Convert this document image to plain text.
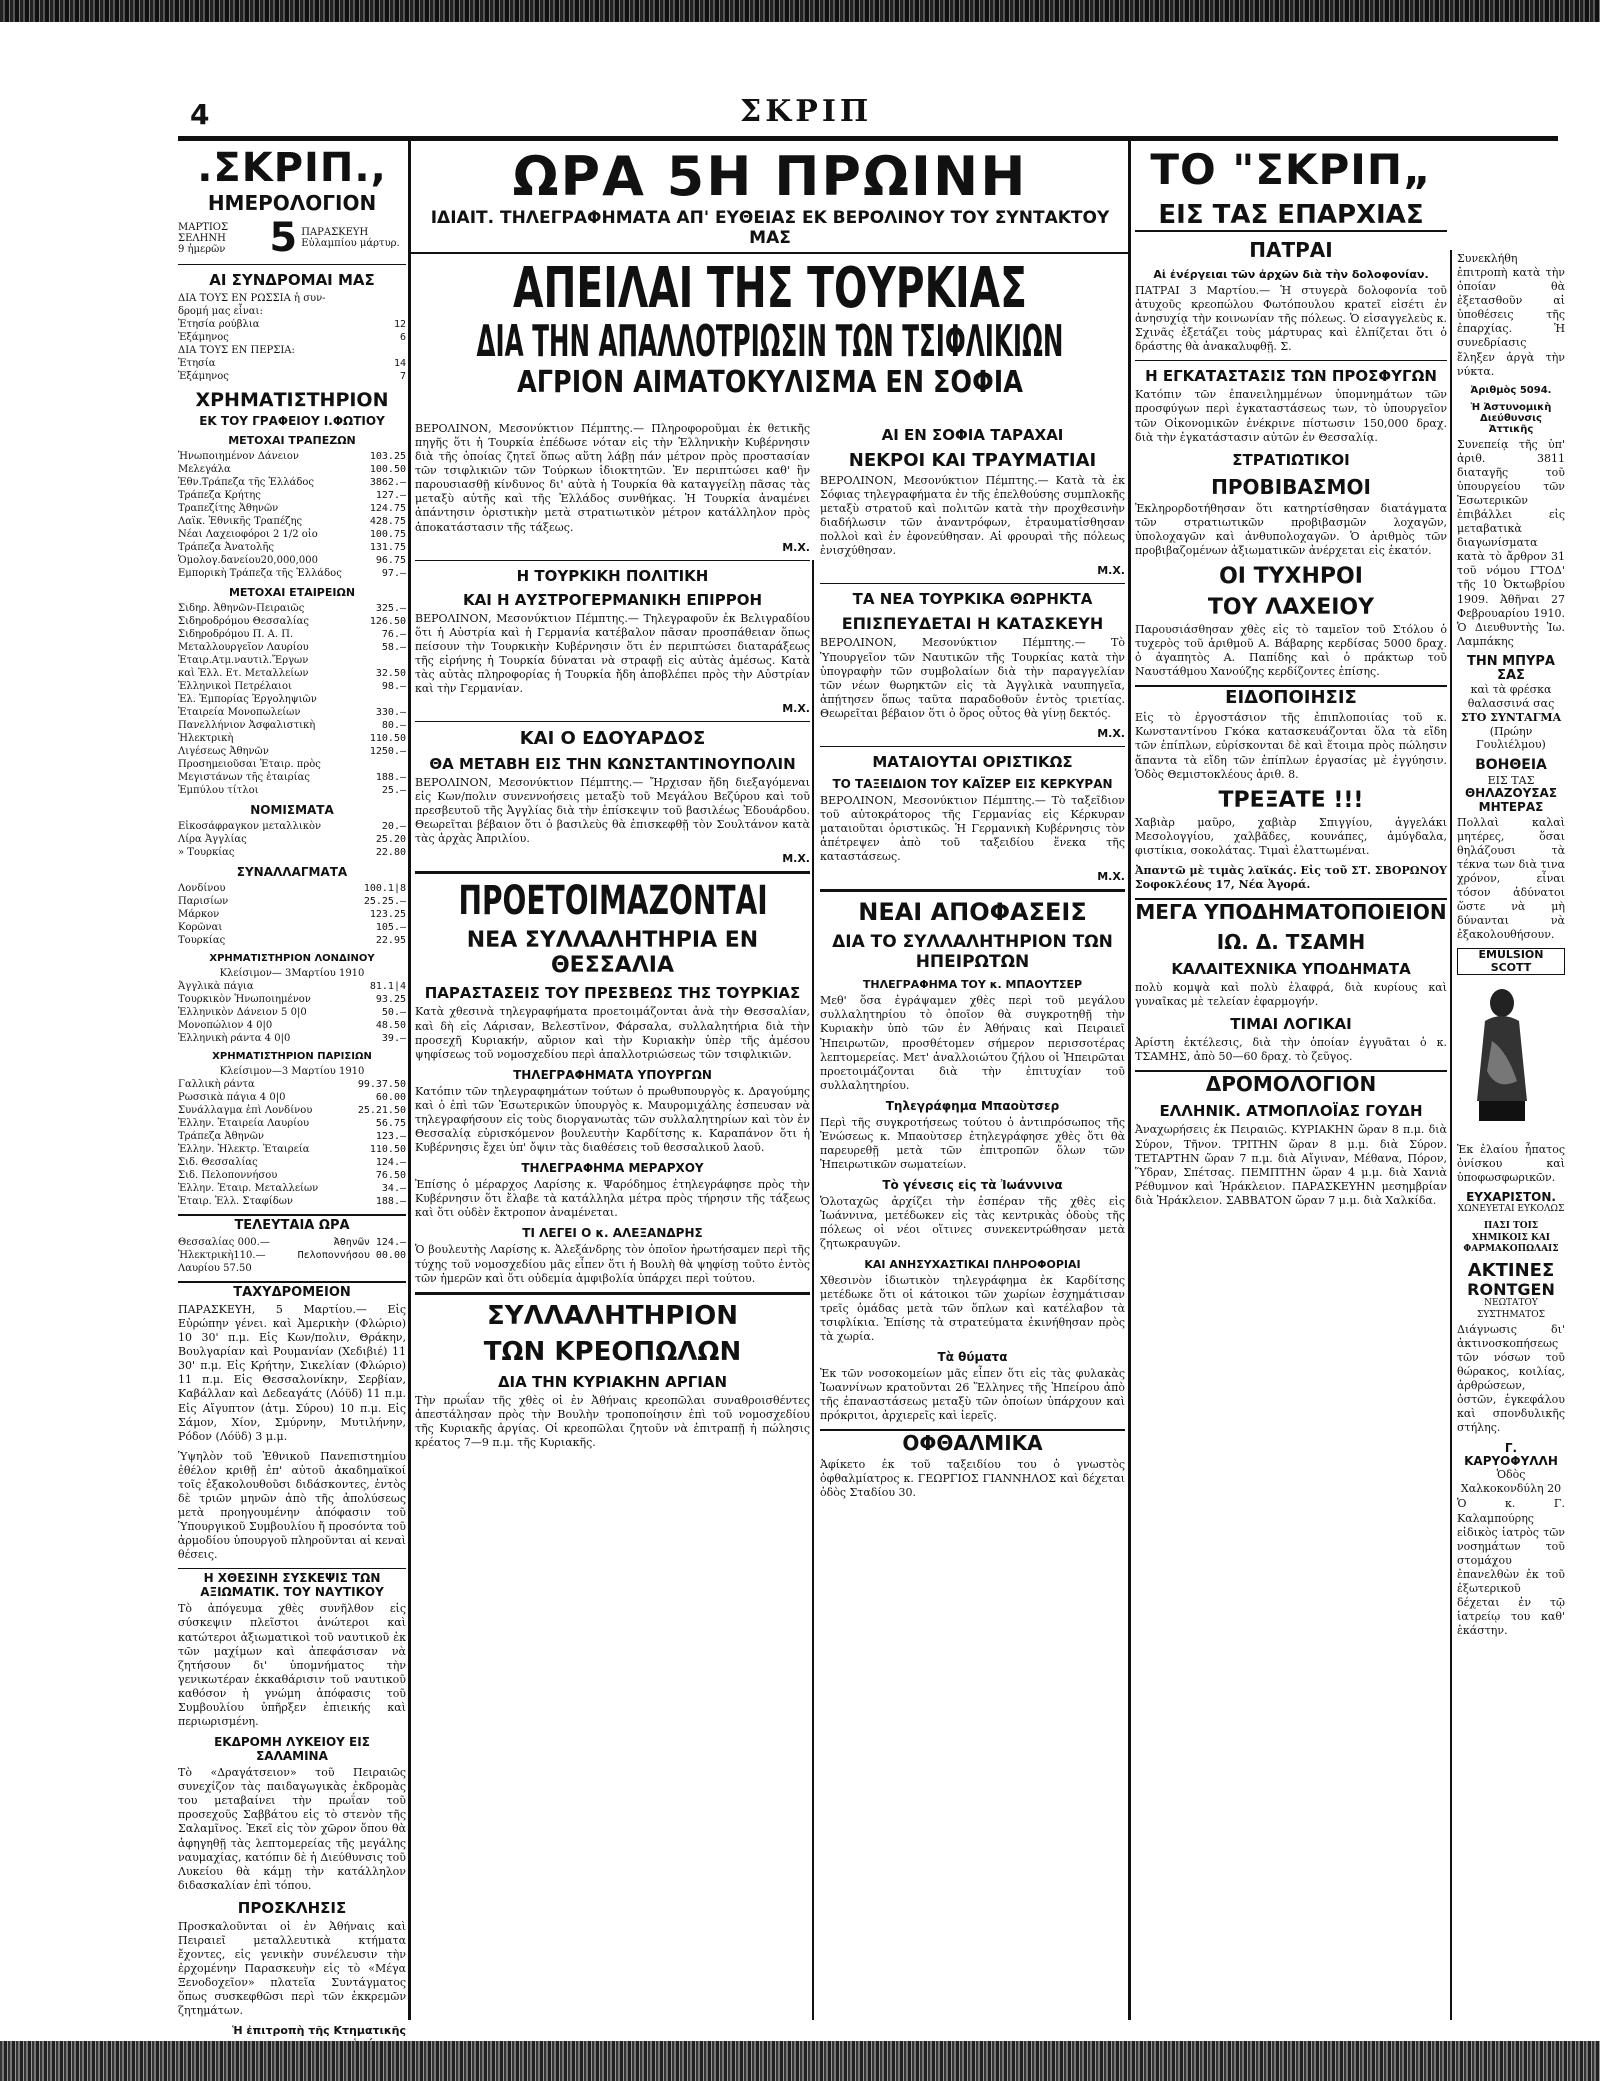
4	ΣΚΡΙΠ
.ΣΚΡΙΠ.,
ΗΜΕΡΟΛΟΓΙΟΝ
ΜΑΡΤΙΟΣ
ΣΕΛΗΝΗ
9 ἡμερῶν	5 ΠΑΡΑΣΚΕΥΗ
Εὐλαμπίου μάρτυρ.
ΑΙ ΣΥΝΔΡΟΜΑΙ ΜΑΣ
ΔΙΑ ΤΟΥΣ ΕΝ ΡΩΣΣΙΑ ἡ συν-
δρομή μας εἶναι:
Ἐτησία ρούβλια	12
Ἑξάμηνος	6
ΔΙΑ ΤΟΥΣ ΕΝ ΠΕΡΣΙΑ:
Ἐτησία	14
Ἑξάμηνος	7
ΧΡΗΜΑΤΙΣΤΗΡΙΟΝ
ΕΚ ΤΟΥ ΓΡΑΦΕΙΟΥ Ι.ΦΩΤΙΟΥ
ΜΕΤΟΧΑΙ ΤΡΑΠΕΖΩΝ
Ἡνωποιημένον Δάνειον	103.25
Μελεγάλα	100.50
Ἐθν.Τράπεζα τῆς Ἑλλάδος	3862.—
Τράπεζα Κρήτης	127.—
Τραπεζίτης Ἀθηνῶν	124.75
Λαϊκ. Ἐθνικῆς Τραπέζης	428.75
Νέαι Λαχειοφόροι 2 1/2 οἰο	100.75
Τράπεζα Ἀνατολῆς	131.75
Ὁμολογ.δανείου20,000,000	96.75
Εμπορικὴ Τράπεζα τῆς Ἑλλάδος	97.—
ΜΕΤΟΧΑΙ ΕΤΑΙΡΕΙΩΝ
Σιδηρ. Ἀθηνῶν-Πειραιῶς	325.—
Σιδηροδρόμου Θεσσαλίας	126.50
Σιδηροδρόμου Π. Α. Π.	76.—
Μεταλλουργεῖον Λαυρίου	58.—
Ἐταιρ.Ατμ.ναυτιλ.Ἔργων
καὶ Ἑλλ. Ετ. Μεταλλείων	32.50
Ἑλληνικοὶ Πετρέλαιοι	98.—
Ἑλ. Ἐμπορίας Ἐργοληψιῶν
Ἐταιρεία Μονοπωλείων	330.—
Πανελλήνιον Ἀσφαλιστικὴ	80.—
Ἠλεκτρικὴ	110.50
Λιγέσεως Ἀθηνῶν	1250.—
Προσημειοῦσαι Ἐταιρ. πρὸς
Μεγιστάνων τῆς ἐταιρίας	188.—
Ἐμπύλου τίτλοι	25.—
ΝΟΜΙΣΜΑΤΑ
Εἰκοσάφραγκον μεταλλικὸν	20.—
Λίρα Ἀγγλίας	25.20
» Τουρκίας	22.80
ΣΥΝΑΛΛΑΓΜΑΤΑ
Λονδίνου	100.1|8
Παρισίων	25.25.—
Μάρκον	123.25
Κορῶναι	105.—
Τουρκίας	22.95
ΧΡΗΜΑΤΙΣΤΗΡΙΟΝ ΛΟΝΔΙΝΟΥ
Κλείσιμον— 3Μαρτίου 1910
Ἀγγλικὰ πάγια	81.1|4
Τουρκικὸν Ἡνωποιημένον	93.25
Ἑλληνικὸν Δάνειον 5 0|0	50.—
Μονοπώλιον 4 0|0	48.50
Ἑλληνικὴ ράντα 4 0|0	39.—
ΧΡΗΜΑΤΙΣΤΗΡΙΟΝ ΠΑΡΙΣΙΩΝ
Κλείσιμον—3 Μαρτίου 1910
Γαλλικὴ ράντα	99.37.50
Ρωσσικὰ πάγια 4 0|0	60.00
Συνάλλαγμα ἐπὶ Λονδίνου	25.21.50
Ἑλλην. Ἐταιρεία Λαυρίου	56.75
Τράπεζα Ἀθηνῶν	123.—
Ἑλλην. Ἠλεκτρ. Ἐταιρεία	110.50
Σιδ. Θεσσαλίας	124.—
Σιδ. Πελοποννήσου	76.50
Ἑλλην. Ἐταιρ. Μεταλλείων	34.—
Ἐταιρ. Ἑλλ. Σταφίδων	188.—
ΤΕΛΕΥΤΑΙΑ ΩΡΑ
Θεσσαλίας 000.—	Ἀθηνῶν 124.—
Ἠλεκτρικὴ110.—	Πελοποννήσου 00.00
Λαυρίου 57.50
ΤΑΧΥΔΡΟΜΕΙΟΝ

ΠΑΡΑΣΚΕΥΗ, 5 Μαρτίου.— Εἰς Εὐρώπην γένει. καὶ Ἀμερικὴν (Φλώριο) 10 30' π.μ. Εἰς Κων/πολιν, Θράκην, Βουλγαρίαν καὶ Ρουμανίαν (Χεδιβιέ) 11 30' π.μ. Εἰς Κρήτην, Σικελίαν (Φλώριο) 11 π.μ. Εἰς Θεσσαλονίκην, Σερβίαν, Καβάλλαν καὶ Δεδεαγάτς (Λόϋδ) 11 π.μ. Εἰς Αἴγυπτον (ἀτμ. Σύρου) 10 π.μ. Εἰς Σάμον, Χίον, Σμύρνην, Μυτιλήνην, Ρόδον (Λόϋδ) 3 μ.μ.

Ὑψηλὸν τοῦ Ἐθνικοῦ Πανεπιστημίου ἐθέλον κριθῇ ἐπ' αὐτοῦ ἀκαδημαϊκοί τοῖς ἐξακολουθοῦσι διδάσκοντες, ἐντὸς δὲ τριῶν μηνῶν ἀπὸ τῆς ἀπολύσεως μετὰ προηγουμένην ἀπόφασιν τοῦ Ὑπουργικοῦ Συμβουλίου ἤ προσόντα τοῦ ἁρμοδίου ὑπουργοῦ πληροῦνται αἱ κεναὶ θέσεις.

Η ΧΘΕΣΙΝΗ ΣΥΣΚΕΨΙΣ ΤΩΝ ΑΞΙΩΜΑΤΙΚ. ΤΟΥ ΝΑΥΤΙΚΟΥ

Τὸ ἀπόγευμα χθὲς συνῆλθον εἰς σύσκεψιν πλεῖστοι ἀνώτεροι καὶ κατώτεροι ἀξιωματικοὶ τοῦ ναυτικοῦ ἐκ τῶν μαχίμων καὶ ἀπεφάσισαν νὰ ζητήσουν δι' ὑπομνήματος τὴν γενικωτέραν ἐκκαθάρισιν τοῦ ναυτικοῦ καθόσον ἡ γνώμη ἀπόφασις τοῦ Συμβουλίου ὑπῆρξεν ἐπιεικής καὶ περιωρισμένη.

ΕΚΔΡΟΜΗ ΛΥΚΕΙΟΥ ΕΙΣ ΣΑΛΑΜΙΝΑ

Τὸ «Δραγάτσειον» τοῦ Πειραιῶς συνεχίζον τὰς παιδαγωγικὰς ἐκδρομὰς του μεταβαίνει τὴν πρωΐαν τοῦ προσεχοῦς Σαββάτου εἰς τὸ στενὸν τῆς Σαλαμῖνος. Ἐκεῖ εἰς τὸν χῶρον ὅπου θὰ ἀφηγηθῇ τὰς λεπτομερείας τῆς μεγάλης ναυμαχίας, κατόπιν δὲ ἡ Διεύθυνσις τοῦ Λυκείου θὰ κάμῃ τὴν κατάλληλον διδασκαλίαν ἐπὶ τόπου.

ΠΡΟΣΚΛΗΣΙΣ

Προσκαλοῦνται οἱ ἐν Ἀθήναις καὶ Πειραιεῖ μεταλλευτικὰ κτήματα ἔχοντες, εἰς γενικὴν συνέλευσιν τὴν ἐρχομένην Παρασκευὴν εἰς τὸ «Μέγα Ξενοδοχεῖον» πλατεῖα Συντάγματος ὅπως συσκεφθῶσι περὶ τῶν ἐκκρεμῶν ζητημάτων.

Ἡ ἐπιτροπὴ τῆς Κτηματικῆς
ΩΡΑ 5Η ΠΡΩΙΝΗ
ΙΔΙΑΙΤ. ΤΗΛΕΓΡΑΦΗΜΑΤΑ ΑΠ' ΕΥΘΕΙΑΣ ΕΚ ΒΕΡΟΛΙΝΟΥ ΤΟΥ ΣΥΝΤΑΚΤΟΥ ΜΑΣ
ΑΠΕΙΛΑΙ ΤΗΣ ΤΟΥΡΚΙΑΣ
ΔΙΑ ΤΗΝ ΑΠΑΛΛΟΤΡΙΩΣΙΝ ΤΩΝ ΤΣΙΦΛΙΚΙΩΝ
ΑΓΡΙΟΝ ΑΙΜΑΤΟΚΥΛΙΣΜΑ ΕΝ ΣΟΦΙΑ

ΒΕΡΟΛΙΝΟΝ, Μεσονύκτιον Πέμπτης.— Πληροφοροῦμαι ἐκ θετικῆς πηγῆς ὅτι ἡ Τουρκία ἐπέδωσε νόταν εἰς τὴν Ἑλληνικὴν Κυβέρνησιν διὰ τῆς ὁποίας ζητεῖ ὅπως αὕτη λάβῃ πάν μέτρον πρὸς προστασίαν τῶν τσιφλικιῶν τῶν Τούρκων ἰδιοκτητῶν. Ἐν περιπτώσει καθ' ἣν παρουσιασθῇ κίνδυνος δι' αὐτὰ ἡ Τουρκία θὰ καταγγείλῃ πᾶσας τὰς μεταξὺ αὐτῆς καὶ τῆς Ἑλλάδος συνθήκας. Ἡ Τουρκία ἀναμένει ἀπάντησιν ὁριστικὴν μετὰ στρατιωτικὸν μέτρον κατάλληλον πρὸς ἀποκατάστασιν τῆς τάξεως.

Μ.Χ.
Η ΤΟΥΡΚΙΚΗ ΠΟΛΙΤΙΚΗ
ΚΑΙ Η ΑΥΣΤΡΟΓΕΡΜΑΝΙΚΗ ΕΠΙΡΡΟΗ

ΒΕΡΟΛΙΝΟΝ, Μεσονύκτιον Πέμπτης.— Τηλεγραφοῦν ἐκ Βελιγραδίου ὅτι ἡ Αὐστρία καὶ ἡ Γερμανία κατέβαλον πᾶσαν προσπάθειαν ὅπως πείσουν τὴν Τουρκικὴν Κυβέρνησιν ὅτι ἐν περιπτώσει διαταράξεως τῆς εἰρήνης ἡ Τουρκία δύναται νὰ στραφῇ εἰς αὐτὰς ἀμέσως. Κατὰ τὰς αὐτὰς πληροφορίας ἡ Τουρκία ἤδη ἀποβλέπει πρὸς τὴν Αὐστρίαν καὶ τὴν Γερμανίαν.

Μ.Χ.
ΚΑΙ Ο ΕΔΟΥΑΡΔΟΣ
ΘΑ ΜΕΤΑΒΗ ΕΙΣ ΤΗΝ ΚΩΝΣΤΑΝΤΙΝΟΥΠΟΛΙΝ

ΒΕΡΟΛΙΝΟΝ, Μεσονύκτιον Πέμπτης.— Ἤρχισαν ἤδη διεξαγόμεναι εἰς Κων/πολιν συνεννοήσεις μεταξὺ τοῦ Μεγάλου Βεζύρου καὶ τοῦ πρεσβευτοῦ τῆς Ἀγγλίας διὰ τὴν ἐπίσκεψιν τοῦ βασιλέως Ἐδουάρδου. Θεωρεῖται βέβαιον ὅτι ὁ βασιλεὺς θὰ ἐπισκεφθῇ τὸν Σουλτάνον κατὰ τὰς ἀρχὰς Ἀπριλίου.

Μ.Χ.
ΠΡΟΕΤΟΙΜΑΖΟΝΤΑΙ
ΝΕΑ ΣΥΛΛΑΛΗΤΗΡΙΑ ΕΝ ΘΕΣΣΑΛΙΑ
ΠΑΡΑΣΤΑΣΕΙΣ ΤΟΥ ΠΡΕΣΒΕΩΣ ΤΗΣ ΤΟΥΡΚΙΑΣ

Κατὰ χθεσινὰ τηλεγραφήματα προετοιμάζονται ἀνὰ τὴν Θεσσαλίαν, καὶ δὴ εἰς Λάρισαν, Βελεστῖνον, Φάρσαλα, συλλαλητήρια διὰ τὴν προσεχῆ Κυριακήν, αὔριον καὶ τὴν Κυριακὴν ὑπὲρ τῆς ἀμέσου ψηφίσεως τοῦ νομοσχεδίου περὶ ἀπαλλοτριώσεως τῶν τσιφλικιῶν.

ΤΗΛΕΓΡΑΦΗΜΑΤΑ ΥΠΟΥΡΓΩΝ

Κατόπιν τῶν τηλεγραφημάτων τούτων ὁ πρωθυπουργὸς κ. Δραγούμης καὶ ὁ ἐπὶ τῶν Ἐσωτερικῶν ὑπουργὸς κ. Μαυρομιχάλης ἐσπευσαν νὰ τηλεγραφήσουν εἰς τοὺς διοργανωτὰς τῶν συλλαλητηρίων καὶ τὸν ἐν Θεσσαλίᾳ εὑρισκόμενον βουλευτὴν Καρδίτσης κ. Καραπάνον ὅτι ἡ Κυβέρνησις ἔχει ὑπ' ὄψιν τὰς διαθέσεις τοῦ θεσσαλικοῦ λαοῦ.

ΤΗΛΕΓΡΑΦΗΜΑ ΜΕΡΑΡΧΟΥ

Ἐπίσης ὁ μέραρχος Λαρίσης κ. Ψαρόδημος ἐτηλεγράφησε πρὸς τὴν Κυβέρνησιν ὅτι ἔλαβε τὰ κατάλληλα μέτρα πρὸς τήρησιν τῆς τάξεως καὶ ὅτι οὐδὲν ἔκτροπον ἀναμένεται.

ΤΙ ΛΕΓΕΙ Ο κ. ΑΛΕΞΑΝΔΡΗΣ

Ὁ βουλευτὴς Λαρίσης κ. Ἀλεξάνδρης τὸν ὁποῖον ἠρωτήσαμεν περὶ τῆς τύχης τοῦ νομοσχεδίου μᾶς εἶπεν ὅτι ἡ Βουλὴ θὰ ψηφίσῃ τοῦτο ἐντὸς τῶν ἡμερῶν καὶ ὅτι οὐδεμία ἀμφιβολία ὑπάρχει περὶ τούτου.

ΣΥΛΛΑΛΗΤΗΡΙΟΝ
ΤΩΝ ΚΡΕΟΠΩΛΩΝ
ΔΙΑ ΤΗΝ ΚΥΡΙΑΚΗΝ ΑΡΓΙΑΝ

Τὴν πρωΐαν τῆς χθὲς οἱ ἐν Ἀθήναις κρεοπῶλαι συναθροισθέντες ἀπεστάλησαν πρὸς τὴν Βουλὴν τροποποίησιν ἐπὶ τοῦ νομοσχεδίου τῆς Κυριακῆς ἀργίας. Οἱ κρεοπῶλαι ζητοῦν νὰ ἐπιτραπῇ ἡ πώλησις κρέατος 7—9 π.μ. τῆς Κυριακῆς.

ΑΙ ΕΝ ΣΟΦΙΑ ΤΑΡΑΧΑΙ
ΝΕΚΡΟΙ ΚΑΙ ΤΡΑΥΜΑΤΙΑΙ

ΒΕΡΟΛΙΝΟΝ, Μεσονύκτιον Πέμπτης.— Κατὰ τὰ ἐκ Σόφιας τηλεγραφήματα ἐν τῆς ἐπελθούσης συμπλοκῆς μεταξὺ στρατοῦ καὶ πολιτῶν κατὰ τὴν προχθεσινὴν διαδήλωσιν τῶν ἀναντρόφων, ἐτραυματίσθησαν πολλοὶ καὶ ἐν ἐφονεύθησαν. Αἱ φρουραὶ τῆς πόλεως ἐνισχύθησαν.

Μ.Χ.
ΤΑ ΝΕΑ ΤΟΥΡΚΙΚΑ ΘΩΡΗΚΤΑ
ΕΠΙΣΠΕΥΔΕΤΑΙ Η ΚΑΤΑΣΚΕΥΗ

ΒΕΡΟΛΙΝΟΝ, Μεσονύκτιον Πέμπτης.— Τὸ Ὑπουργεῖον τῶν Ναυτικῶν τῆς Τουρκίας κατὰ τὴν ὑπογραφὴν τῶν συμβολαίων διὰ τὴν παραγγελίαν τῶν νέων θωρηκτῶν εἰς τὰ Ἀγγλικὰ ναυπηγεῖα, ἀπῄτησεν ὅπως ταῦτα παραδοθοῦν ἐντὸς τριετίας. Θεωρεῖται βέβαιον ὅτι ὁ ὅρος οὗτος θὰ γίνῃ δεκτός.

Μ.Χ.
ΜΑΤΑΙΟΥΤΑΙ ΟΡΙΣΤΙΚΩΣ
ΤΟ ΤΑΞΕΙΔΙΟΝ ΤΟΥ ΚΑΪΖΕΡ ΕΙΣ ΚΕΡΚΥΡΑΝ

ΒΕΡΟΛΙΝΟΝ, Μεσονύκτιον Πέμπτης.— Τὸ ταξεῖδιον τοῦ αὐτοκράτορος τῆς Γερμανίας εἰς Κέρκυραν ματαιοῦται ὁριστικῶς. Ἡ Γερμανικὴ Κυβέρνησις τὸν ἀπέτρεψεν ἀπὸ τοῦ ταξειδίου ἕνεκα τῆς καταστάσεως.

Μ.Χ.
ΝΕΑΙ ΑΠΟΦΑΣΕΙΣ
ΔΙΑ ΤΟ ΣΥΛΛΑΛΗΤΗΡΙΟΝ ΤΩΝ ΗΠΕΙΡΩΤΩΝ
ΤΗΛΕΓΡΑΦΗΜΑ ΤΟΥ κ. ΜΠΑΟΥΤΣΕΡ

Μεθ' ὅσα ἐγράψαμεν χθὲς περὶ τοῦ μεγάλου συλλαλητηρίου τὸ ὁποῖον θὰ συγκροτηθῇ τὴν Κυριακὴν ὑπὸ τῶν ἐν Ἀθήναις καὶ Πειραιεῖ Ἠπειρωτῶν, προσθέτομεν σήμερον περισσοτέρας λεπτομερείας. Μετ' ἀναλλοιώτου ζήλου οἱ Ἠπειρῶται προετοιμάζονται διὰ τὴν ἐπιτυχίαν τοῦ συλλαλητηρίου.

Τηλεγράφημα Μπαοὺτσερ

Περὶ τῆς συγκροτήσεως τούτου ὁ ἀντιπρόσωπος τῆς Ἑνώσεως κ. Μπαοὺτσερ ἐτηλεγράφησε χθὲς ὅτι θὰ παρευρεθῇ μετὰ τῶν ἐπιτροπῶν ὅλων τῶν Ἠπειρωτικῶν σωματείων.

Τὸ γένεσις εἰς τὰ Ἰωάννινα

Ὁλοταχῶς ἀρχίζει τὴν ἑσπέραν τῆς χθὲς εἰς Ἰωάννινα, μετέδωκεν εἰς τὰς κεντρικὰς ὁδοὺς τῆς πόλεως οἱ νέοι οἵτινες συνεκεντρώθησαν μετὰ ζητωκραυγῶν.

ΚΑΙ ΑΝΗΣΥΧΑΣΤΙΚΑΙ ΠΛΗΡΟΦΟΡΙΑΙ

Χθεσινὸν ἰδιωτικὸν τηλεγράφημα ἐκ Καρδίτσης μετέδωκε ὅτι οἱ κάτοικοι τῶν χωρίων ἐσχημάτισαν τρεῖς ὁμάδας μετὰ τῶν ὅπλων καὶ κατέλαβον τὰ τσιφλίκια. Ἐπίσης τὰ στρατεύματα ἐκινήθησαν πρὸς τὰ χωρία.

Τὰ θύματα

Ἐκ τῶν νοσοκομείων μᾶς εἶπεν ὅτι εἰς τὰς φυλακὰς Ἰωαννίνων κρατοῦνται 26 Ἕλληνες τῆς Ἠπείρου ἀπὸ τῆς ἐπαναστάσεως μεταξὺ τῶν ὁποίων ὑπάρχουν καὶ πρόκριτοι, ἀρχιερεῖς καὶ ἱερεῖς.

ΟΦΘΑΛΜΙΚΑ

Ἀφίκετο ἐκ τοῦ ταξειδίου του ὁ γνωστὸς ὀφθαλμίατρος κ. ΓΕΩΡΓΙΟΣ ΓΙΑΝΝΗΛΟΣ καὶ δέχεται ὁδὸς Σταδίου 30.

ΤΟ "ΣΚΡΙΠ„
ΕΙΣ ΤΑΣ ΕΠΑΡΧΙΑΣ
ΠΑΤΡΑΙ
Αἱ ἐνέργειαι τῶν ἀρχῶν διὰ τὴν δολοφονίαν.

ΠΑΤΡΑΙ 3 Μαρτίου.— Ἡ στυγερὰ δολοφονία τοῦ ἀτυχοῦς κρεοπώλου Φωτόπουλου κρατεῖ εἰσέτι ἐν ἀνησυχίᾳ τὴν κοινωνίαν τῆς πόλεως. Ὁ εἰσαγγελεὺς κ. Σχινᾶς ἐξετάζει τοὺς μάρτυρας καὶ ἐλπίζεται ὅτι ὁ δράστης θὰ ἀνακαλυφθῇ. Σ.

Η ΕΓΚΑΤΑΣΤΑΣΙΣ ΤΩΝ ΠΡΟΣΦΥΓΩΝ

Κατόπιν τῶν ἐπανειλημμένων ὑπομνημάτων τῶν προσφύγων περὶ ἐγκαταστάσεως των, τὸ ὑπουργεῖον τῶν Οἰκονομικῶν ἐνέκρινε πίστωσιν 150,000 δραχ. διὰ τὴν ἐγκατάστασιν αὐτῶν ἐν Θεσσαλίᾳ.

ΣΤΡΑΤΙΩΤΙΚΟΙ
ΠΡΟΒΙΒΑΣΜΟΙ

Ἐκληρορδοτήθησαν ὅτι κατηρτίσθησαν διατάγματα τῶν στρατιωτικῶν προβιβασμῶν λοχαγῶν, ὑπολοχαγῶν καὶ ἀνθυπολοχαγῶν. Ὁ ἀριθμὸς τῶν προβιβαζομένων ἀξιωματικῶν ἀνέρχεται εἰς ἑκατόν.

ΟΙ ΤΥΧΗΡΟΙ
ΤΟΥ ΛΑΧΕΙΟΥ

Παρουσιάσθησαν χθὲς εἰς τὸ ταμεῖον τοῦ Στόλου ὁ τυχερὸς τοῦ ἀριθμοῦ Α. Βάβαρης κερδίσας 5000 δραχ. ὁ ἀγαπητὸς Α. Παπίδης καὶ ὁ πράκτωρ τοῦ Ναυστάθμου Χανούζης κερδίζοντες ἐπίσης.

ΕΙΔΟΠΟΙΗΣΙΣ

Εἰς τὸ ἐργοστάσιον τῆς ἐπιπλοποιίας τοῦ κ. Κωνσταντίνου Γκόκα κατασκευάζονται ὅλα τὰ εἴδη τῶν ἐπίπλων, εὑρίσκονται δὲ καὶ ἕτοιμα πρὸς πώλησιν ἅπαντα τὰ εἴδη τῶν ἐπίπλων ἐργασίας μὲ ἐγγύησιν. Ὁδὸς Θεμιστοκλέους ἀριθ. 8.

ΤΡΕΞΑΤΕ !!!

Χαβιὰρ μαῦρο, χαβιὰρ Σπιγγίου, ἀγγελάκι Μεσολογγίου, χαλβᾶδες, κουνάπες, ἀμύγδαλα, φιστίκια, σοκολάτας. Τιμαὶ ἐλαττωμέναι.

Ἀπαντῶ μὲ τιμὰς λαϊκάς. Εἰς τοῦ ΣΤ. ΣΒΟΡΩΝΟΥ Σοφοκλέους 17, Νέα Ἀγορά.

ΜΕΓΑ ΥΠΟΔΗΜΑΤΟΠΟΙΕΙΟΝ
ΙΩ. Δ. ΤΣΑΜΗ
ΚΑΛΑΙΤΕΧΝΙΚΑ ΥΠΟΔΗΜΑΤΑ

πολὺ κομψὰ καὶ πολὺ ἐλαφρά, διὰ κυρίους καὶ γυναῖκας μὲ τελείαν ἐφαρμογήν.

ΤΙΜΑΙ ΛΟΓΙΚΑΙ

Ἀρίστη ἐκτέλεσις, διὰ τὴν ὁποίαν ἐγγυᾶται ὁ κ. ΤΣΑΜΗΣ, ἀπὸ 50—60 δραχ. τὸ ζεῦγος.

ΔΡΟΜΟΛΟΓΙΟΝ
ΕΛΛΗΝΙΚ. ΑΤΜΟΠΛΟΪΑΣ ΓΟΥΔΗ

Ἀναχωρήσεις ἐκ Πειραιῶς. ΚΥΡΙΑΚΗΝ ὥραν 8 π.μ. διὰ Σύρον, Τῆνον. ΤΡΙΤΗΝ ὥραν 8 μ.μ. διὰ Σύρον. ΤΕΤΑΡΤΗΝ ὥραν 7 π.μ. διὰ Αἴγιναν, Μέθανα, Πόρον, Ὕδραν, Σπέτσας. ΠΕΜΠΤΗΝ ὥραν 4 μ.μ. διὰ Χανιὰ Ρέθυμνον καὶ Ἡράκλειον. ΠΑΡΑΣΚΕΥΗΝ μεσημβρίαν διὰ Ἠράκλειον. ΣΑΒΒΑΤΟΝ ὥραν 7 μ.μ. διὰ Χαλκίδα.

Συνεκλήθη ἐπιτροπὴ κατὰ τὴν ὁποίαν θὰ ἐξετασθοῦν αἱ ὑποθέσεις τῆς ἐπαρχίας. Ἡ συνεδρίασις ἔληξεν ἀργὰ τὴν νύκτα.

Ἀριθμὸς 5094.
Ἡ Ἀστυνομικὴ Διεύθυνσις Ἀττικῆς

Συνεπείᾳ τῆς ὑπ' ἀριθ. 3811 διαταγῆς τοῦ ὑπουργείου τῶν Ἐσωτερικῶν ἐπιβάλλει εἰς μεταβατικὰ διαγωνίσματα κατὰ τὸ ἄρθρον 31 τοῦ νόμου ΓΤΟΔ' τῆς 10 Ὀκτωβρίου 1909. Ἀθῆναι 27 Φεβρουαρίου 1910. Ὁ Διευθυντὴς Ἰω. Λαμπάκης

ΤΗΝ ΜΠΥΡΑ ΣΑΣ
καὶ τὰ φρέσκα θαλασσινά σας
ΣΤΟ ΣΥΝΤΑΓΜΑ
(Πρώην Γουλιέλμου)
ΒΟΗΘΕΙΑ
ΕΙΣ ΤΑΣ
ΘΗΛΑΖΟΥΣΑΣ
ΜΗΤΕΡΑΣ

Πολλαὶ καλαὶ μητέρες, ὅσαι θηλάζουσι τὰ τέκνα των διὰ τινα χρόνον, εἶναι τόσον ἀδύνατοι ὥστε νὰ μὴ δύνανται νὰ ἐξακολουθήσουν.

EMULSION SCOTT

Ἐκ ἐλαίου ἧπατος ὀνίσκου καὶ ὑποφωσφωρικῶν.

ΕΥΧΑΡΙΣΤΟΝ.
ΧΩΝΕΥΕΤΑΙ ΕΥΚΟΛΩΣ
ΠΑΣΙ ΤΟΙΣ ΧΗΜΙΚΟΙΣ ΚΑΙ ΦΑΡΜΑΚΟΠΩΛΑΙΣ
ΑΚΤΙΝΕΣ
RONTGEN
ΝΕΩΤΑΤΟΥ ΣΥΣΤΗΜΑΤΟΣ

Διάγνωσις δι' ἀκτινοσκοπήσεως τῶν νόσων τοῦ θώρακος, κοιλίας, ἀρθρώσεων, ὀστῶν, ἐγκεφάλου καὶ σπονδυλικῆς στήλης.

Γ. ΚΑΡΥΟΦΥΛΛΗ
Ὁδὸς Χαλκοκονδύλη 20

Ὁ κ. Γ. Καλαμπούρης εἰδικὸς ἰατρὸς τῶν νοσημάτων τοῦ στομάχου ἐπανελθὼν ἐκ τοῦ ἐξωτερικοῦ δέχεται ἐν τῷ ἰατρείῳ του καθ' ἑκάστην.
